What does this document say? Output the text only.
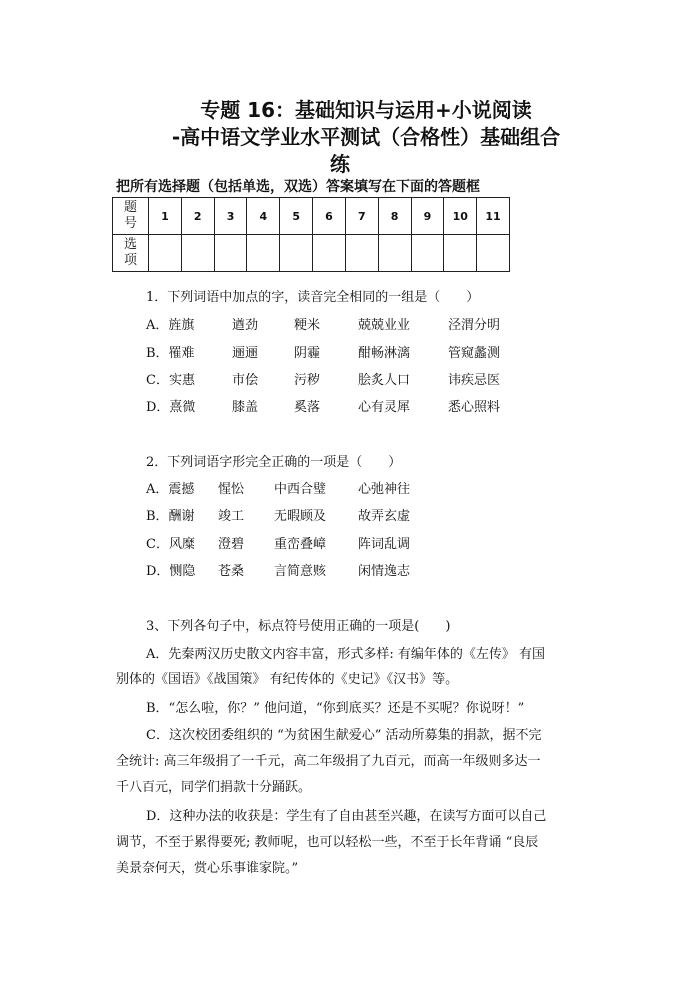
专题 16：基础知识与运用+小说阅读
-高中语文学业水平测试（合格性）基础组合
练
把所有选择题（包括单选，双选）答案填写在下面的答题框
题
号	1	2	3	4	5	6	7	8	9	10	11
选
项											
1．下列词语中加点的字，读音完全相同的一组是（　　）
A．旌旗	遒劲	粳米	兢兢业业	泾渭分明
B．罹难	逦逦	阴霾	酣畅淋漓	管窥蠡测
C．实惠	市侩	污秽	脍炙人口	讳疾忌医
D．熹微	膝盖	奚落	心有灵犀	悉心照料
2．下列词语字形完全正确的一项是（　　）
A．震撼 惺忪 中西合璧 心弛神往
B．酬谢 竣工 无暇顾及 故弄玄虚
C．风糜 澄碧 重峦叠嶂 阵词乱调
D．恻隐 苍桑 言简意赅 闲情逸志
3、下列各句子中，标点符号使用正确的一项是(　　)
A．先秦两汉历史散文内容丰富，形式多样: 有编年体的《左传》 有国
别体的《国语》《战国策》 有纪传体的《史记》《汉书》等。
B．“怎么啦，你？” 他问道，“你到底买？还是不买呢？你说呀！”
C．这次校团委组织的 “为贫困生献爱心” 活动所募集的捐款，据不完
全统计: 高三年级捐了一千元，高二年级捐了九百元，而高一年级则多达一
千八百元，同学们捐款十分踊跃。
D．这种办法的收获是：学生有了自由甚至兴趣，在读写方面可以自己
调节，不至于累得要死; 教师呢，也可以轻松一些，不至于长年背诵 “良辰
美景奈何天，赏心乐事谁家院。”
